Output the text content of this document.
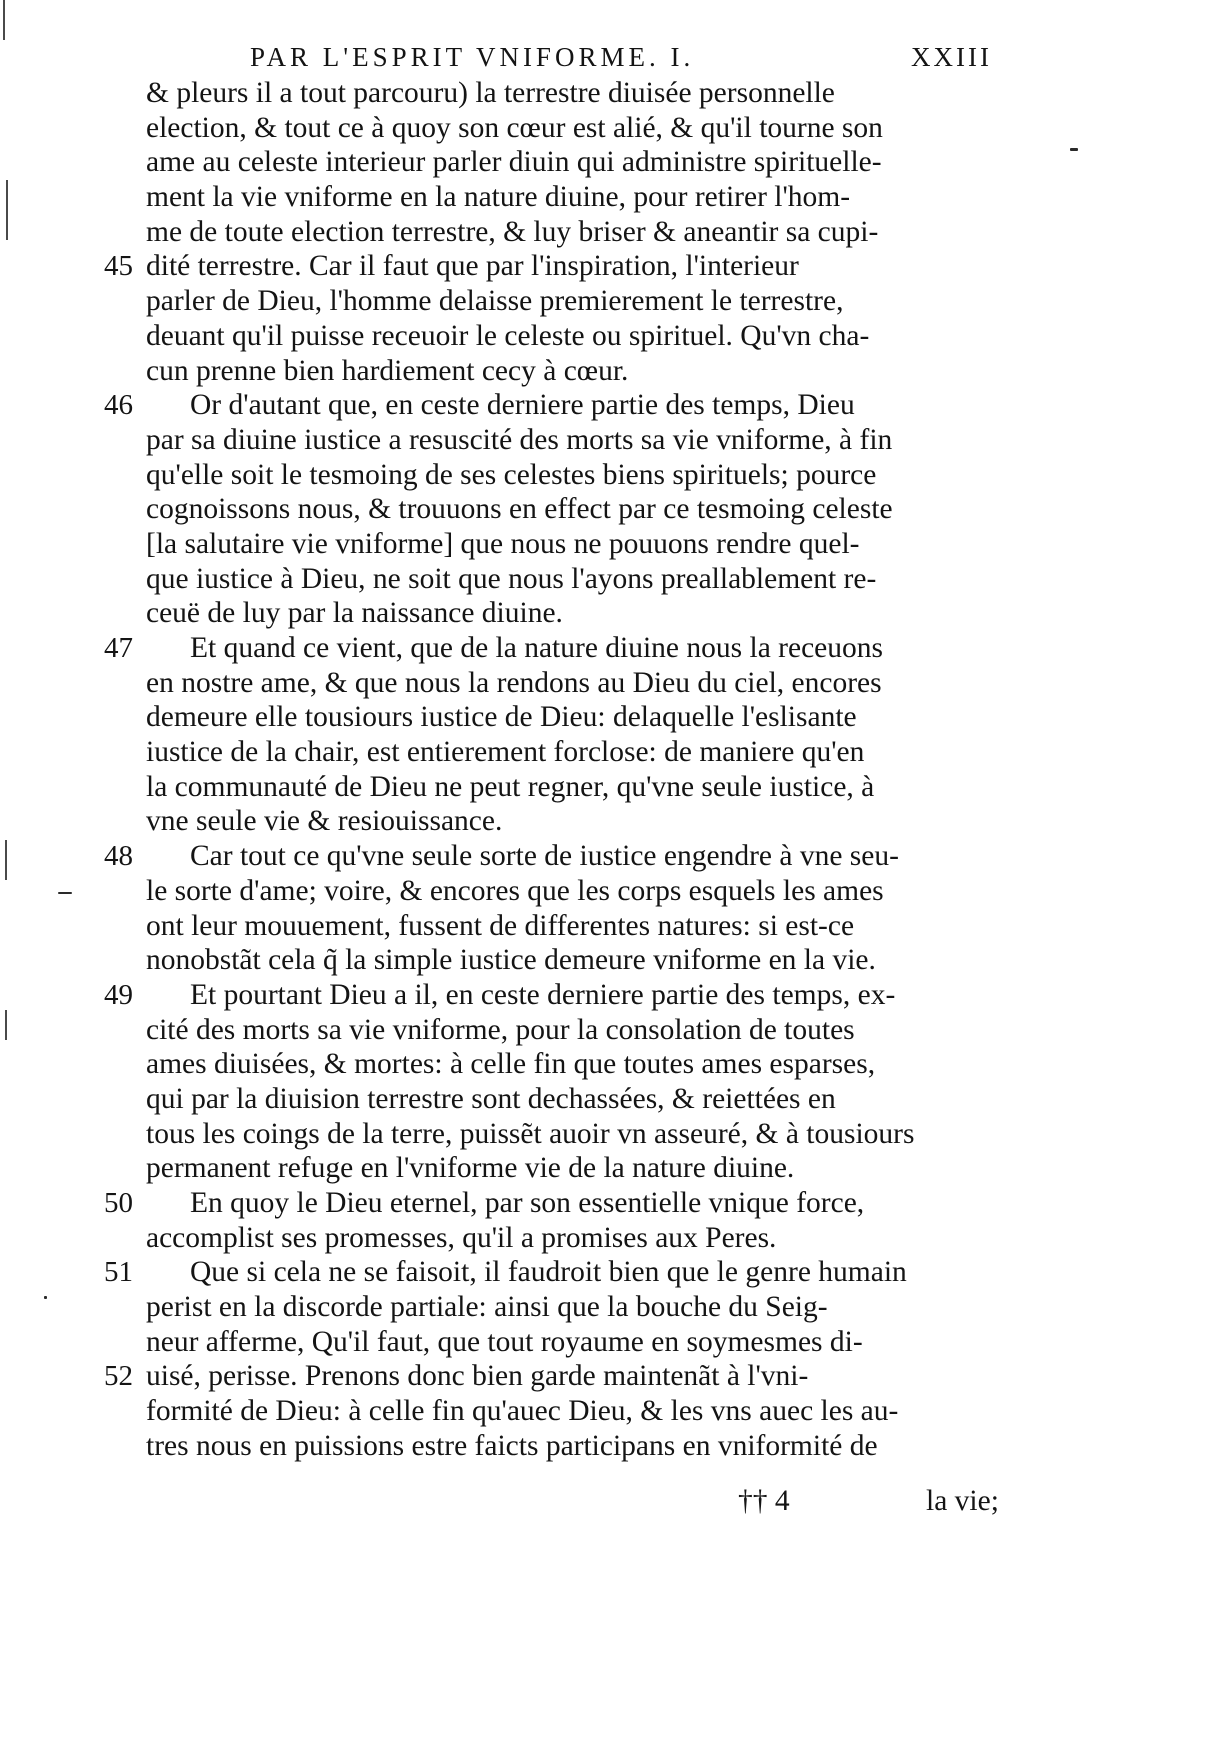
PAR L'ESPRIT VNIFORME. I.	XXIII
& pleurs il a tout parcouru) la terrestre diuisée personnelle
election, & tout ce à quoy son cœur est alié, & qu'il tourne son
ame au celeste interieur parler diuin qui administre spirituelle-
ment la vie vniforme en la nature diuine, pour retirer l'hom-
me de toute election terrestre, & luy briser & aneantir sa cupi-
dité terrestre. Car il faut que par l'inspiration, l'interieur
45
parler de Dieu, l'homme delaisse premierement le terrestre,
deuant qu'il puisse receuoir le celeste ou spirituel. Qu'vn cha-
cun prenne bien hardiement cecy à cœur.
Or d'autant que, en ceste derniere partie des temps, Dieu
46
par sa diuine iustice a resuscité des morts sa vie vniforme, à fin
qu'elle soit le tesmoing de ses celestes biens spirituels; pource
cognoissons nous, & trouuons en effect par ce tesmoing celeste
[la salutaire vie vniforme] que nous ne pouuons rendre quel-
que iustice à Dieu, ne soit que nous l'ayons preallablement re-
ceuë de luy par la naissance diuine.
Et quand ce vient, que de la nature diuine nous la receuons
47
en nostre ame, & que nous la rendons au Dieu du ciel, encores
demeure elle tousiours iustice de Dieu: delaquelle l'eslisante
iustice de la chair, est entierement forclose: de maniere qu'en
la communauté de Dieu ne peut regner, qu'vne seule iustice, à
vne seule vie & resiouissance.
Car tout ce qu'vne seule sorte de iustice engendre à vne seu-
48
le sorte d'ame; voire, & encores que les corps esquels les ames
ont leur mouuement, fussent de differentes natures: si est-ce
nonobstãt cela q̃ la simple iustice demeure vniforme en la vie.
Et pourtant Dieu a il, en ceste derniere partie des temps, ex-
49
cité des morts sa vie vniforme, pour la consolation de toutes
ames diuisées, & mortes: à celle fin que toutes ames esparses,
qui par la diuision terrestre sont dechassées, & reiettées en
tous les coings de la terre, puissẽt auoir vn asseuré, & à tousiours
permanent refuge en l'vniforme vie de la nature diuine.
En quoy le Dieu eternel, par son essentielle vnique force,
50
accomplist ses promesses, qu'il a promises aux Peres.
Que si cela ne se faisoit, il faudroit bien que le genre humain
51
perist en la discorde partiale: ainsi que la bouche du Seig-
neur afferme, Qu'il faut, que tout royaume en soymesmes di-
uisé, perisse. Prenons donc bien garde maintenãt à l'vni-
52
formité de Dieu: à celle fin qu'auec Dieu, & les vns auec les au-
tres nous en puissions estre faicts participans en vniformité de
†† 4	la vie;
